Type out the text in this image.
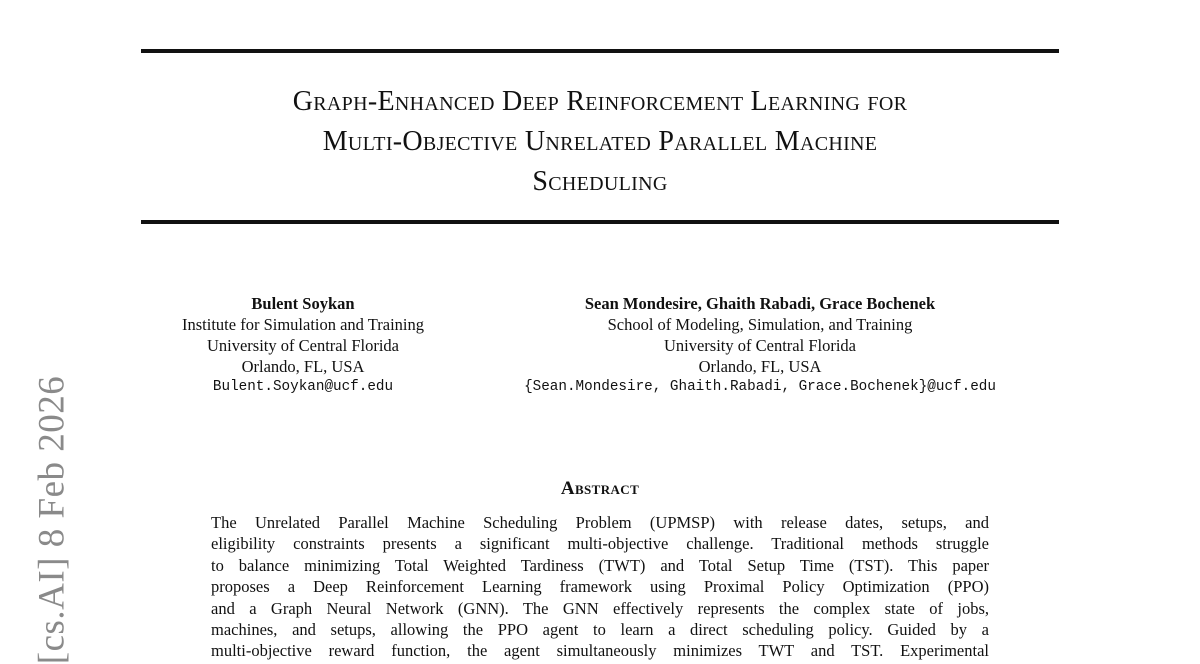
Graph-Enhanced Deep Reinforcement Learning for
Multi-Objective Unrelated Parallel Machine
Scheduling
Bulent Soykan
Institute for Simulation and Training
University of Central Florida
Orlando, FL, USA
Bulent.Soykan@ucf.edu
Sean Mondesire, Ghaith Rabadi, Grace Bochenek
School of Modeling, Simulation, and Training
University of Central Florida
Orlando, FL, USA
{Sean.Mondesire, Ghaith.Rabadi, Grace.Bochenek}@ucf.edu
Abstract
The Unrelated Parallel Machine Scheduling Problem (UPMSP) with release dates, setups, and
eligibility constraints presents a significant multi-objective challenge. Traditional methods struggle
to balance minimizing Total Weighted Tardiness (TWT) and Total Setup Time (TST). This paper
proposes a Deep Reinforcement Learning framework using Proximal Policy Optimization (PPO)
and a Graph Neural Network (GNN). The GNN effectively represents the complex state of jobs,
machines, and setups, allowing the PPO agent to learn a direct scheduling policy. Guided by a
multi-objective reward function, the agent simultaneously minimizes TWT and TST. Experimental
[cs.AI] 8 Feb 2026
